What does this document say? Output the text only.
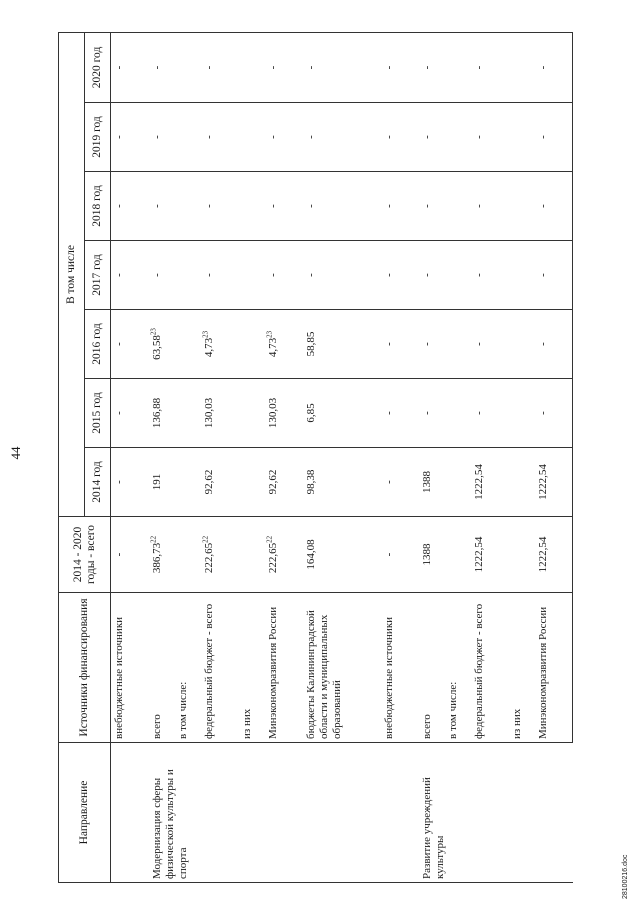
44
Направление	Источники финансирования	2014 - 2020 годы - всего	В том числе						
			2014 год	2015 год	2016 год	2017 год	2018 год	2019 год	2020 год
	внебюджетные источники	-	-	-	-	-	-	-	-
Модернизация сферы физической культуры и спорта	всего	386,73$^{22}$	191	136,88	63,58$^{23}$	-	-	-	-
	в том числе:								
	федеральный бюджет - всего	222,65$^{22}$	92,62	130,03	4,73$^{23}$	-	-	-	-
	из них								
	Минэкономразвития России	222,65$^{22}$	92,62	130,03	4,73$^{23}$	-	-	-	-
	бюджеты Калининградской области и муниципальных образований	164,08	98,38	6,85	58,85	-	-	-	-
	внебюджетные источники	-	-	-	-	-	-	-	-
Развитие учреждений культуры	всего	1388	1388	-	-	-	-	-	-
	в том числе:								
	федеральный бюджет - всего	1222,54	1222,54	-	-	-	-	-	-
	из них								
	Минэкономразвития России	1222,54	1222,54	-	-	-	-	-	-
28100216.doc
